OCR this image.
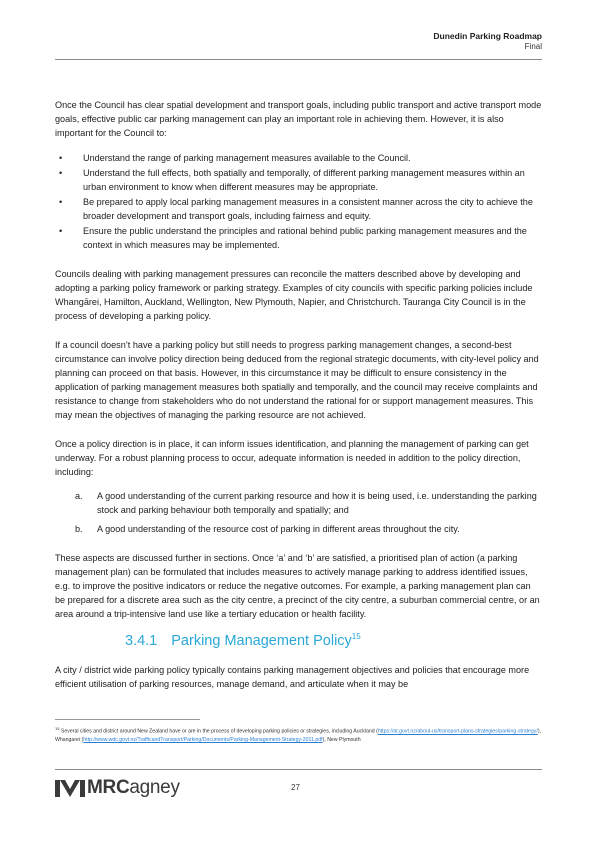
Dunedin Parking Roadmap
Final

Once the Council has clear spatial development and transport goals, including public transport and active transport mode goals, effective public car parking management can play an important role in achieving them. However, it is also important for the Council to:

• Understand the range of parking management measures available to the Council.
• Understand the full effects, both spatially and temporally, of different parking management measures within an urban environment to know when different measures may be appropriate.
• Be prepared to apply local parking management measures in a consistent manner across the city to achieve the broader development and transport goals, including fairness and equity.
• Ensure the public understand the principles and rational behind public parking management measures and the context in which measures may be implemented.

Councils dealing with parking management pressures can reconcile the matters described above by developing and adopting a parking policy framework or parking strategy. Examples of city councils with specific parking policies include Whangārei, Hamilton, Auckland, Wellington, New Plymouth, Napier, and Christchurch. Tauranga City Council is in the process of developing a parking policy.

If a council doesn’t have a parking policy but still needs to progress parking management changes, a second-best circumstance can involve policy direction being deduced from the regional strategic documents, with city-level policy and planning can proceed on that basis. However, in this circumstance it may be difficult to ensure consistency in the application of parking management measures both spatially and temporally, and the council may receive complaints and resistance to change from stakeholders who do not understand the rational for or support management measures. This may mean the objectives of managing the parking resource are not achieved.

Once a policy direction is in place, it can inform issues identification, and planning the management of parking can get underway. For a robust planning process to occur, adequate information is needed in addition to the policy direction, including:

a. A good understanding of the current parking resource and how it is being used, i.e. understanding the parking stock and parking behaviour both temporally and spatially; and
b. A good understanding of the resource cost of parking in different areas throughout the city.

These aspects are discussed further in sections. Once ‘a’ and ‘b’ are satisfied, a prioritised plan of action (a parking management plan) can be formulated that includes measures to actively manage parking to address identified issues, e.g. to improve the positive indicators or reduce the negative outcomes. For example, a parking management plan can be prepared for a discrete area such as the city centre, a precinct of the city centre, a suburban commercial centre, or an area around a trip-intensive land use like a tertiary education or health facility.

3.4.1 Parking Management Policy$^{15}$

A city / district wide parking policy typically contains parking management objectives and policies that encourage more efficient utilisation of parking resources, manage demand, and articulate when it may be

$^{15}$ Several cities and district around New Zealand have or are in the process of developing parking policies or strategies, including Auckland (https://at.govt.nz/about-us/transport-plans-strategies/parking-strategy/), Whangarei (http://www.wdc.govt.nz/TrafficandTransport/Parking/Documents/Parking-Management-Strategy-2011.pdf), New Plymouth
MRCagney	27
